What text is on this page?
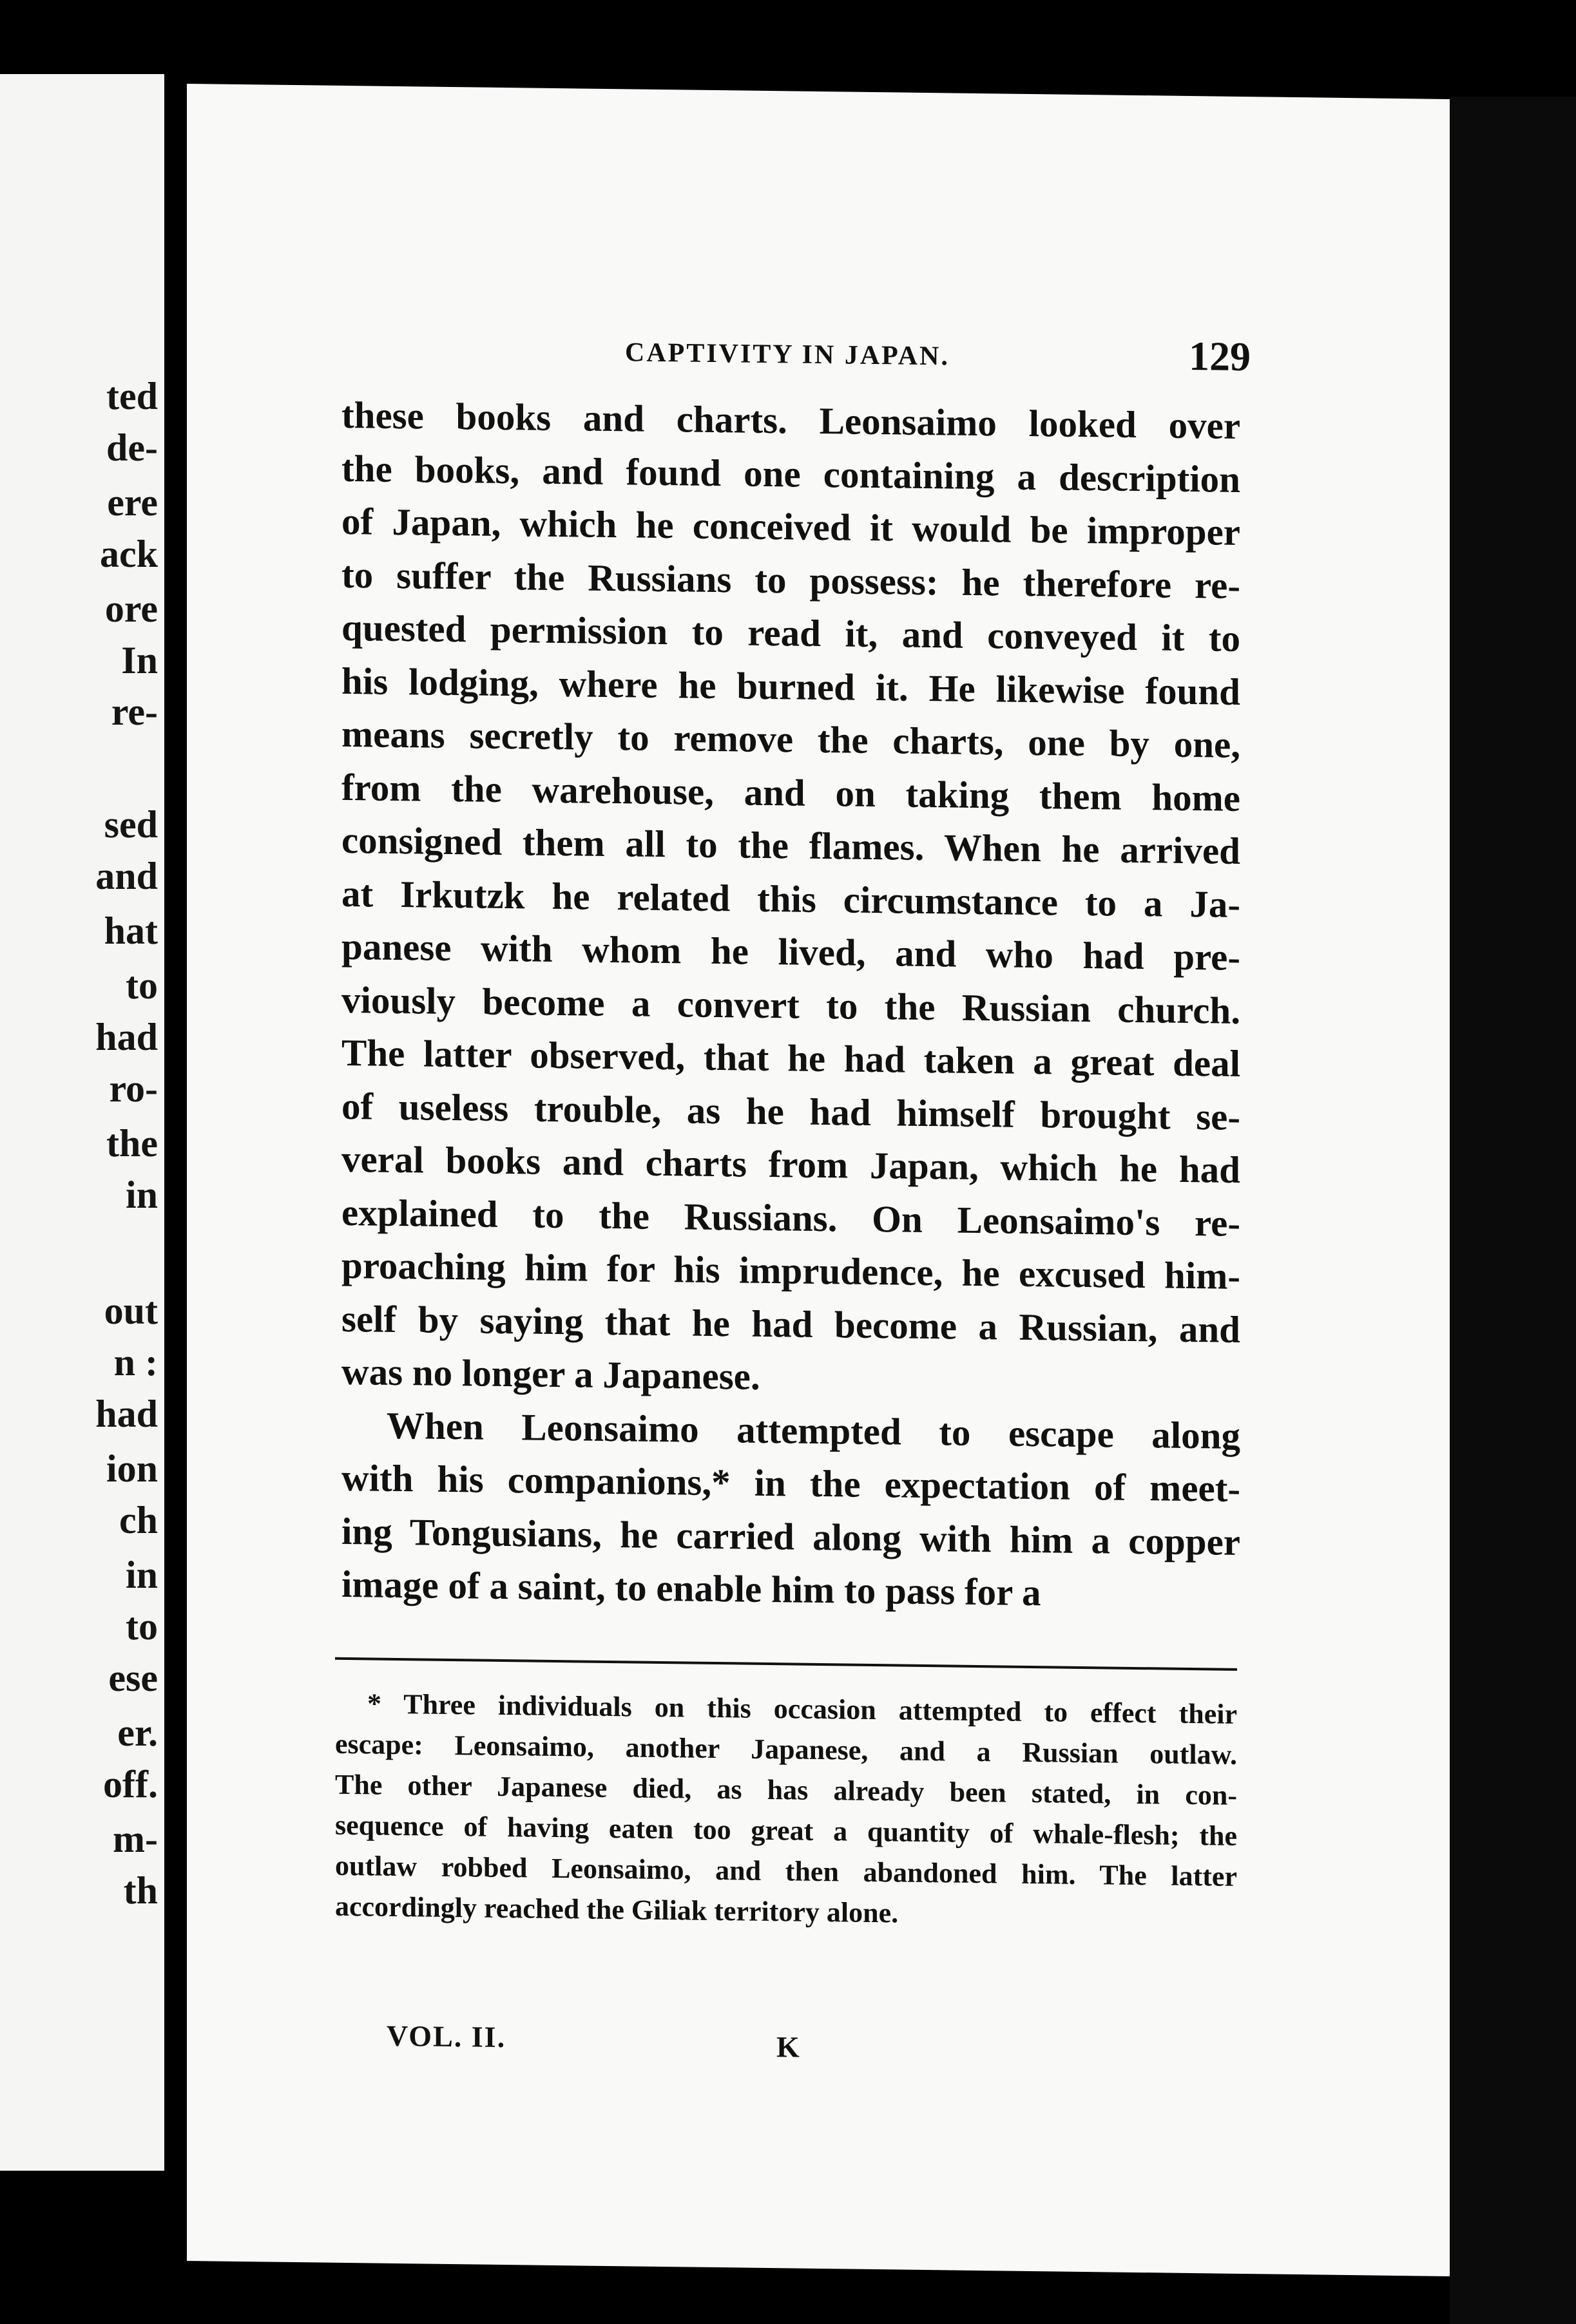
ted
de-
ere
ack
ore
In
re-
sed
and
hat
to
had
ro-
the
in
out
n :
had
ion
ch
in
to
ese
er.
off.
m-
th
CAPTIVITY IN JAPAN.	129

these books and charts. Leonsaimo looked over
the books, and found one containing a description
of Japan, which he conceived it would be improper
to suffer the Russians to possess: he therefore re-
quested permission to read it, and conveyed it to
his lodging, where he burned it. He likewise found
means secretly to remove the charts, one by one,
from the warehouse, and on taking them home
consigned them all to the flames. When he arrived
at Irkutzk he related this circumstance to a Ja-
panese with whom he lived, and who had pre-
viously become a convert to the Russian church.
The latter observed, that he had taken a great deal
of useless trouble, as he had himself brought se-
veral books and charts from Japan, which he had
explained to the Russians. On Leonsaimo's re-
proaching him for his imprudence, he excused him-
self by saying that he had become a Russian, and
was no longer a Japanese.

When Leonsaimo attempted to escape along
with his companions,* in the expectation of meet-
ing Tongusians, he carried along with him a copper
image of a saint, to enable him to pass for a

* Three individuals on this occasion attempted to effect their
escape: Leonsaimo, another Japanese, and a Russian outlaw.
The other Japanese died, as has already been stated, in con-
sequence of having eaten too great a quantity of whale-flesh; the
outlaw robbed Leonsaimo, and then abandoned him. The latter
accordingly reached the Giliak territory alone.
VOL. II.	K
